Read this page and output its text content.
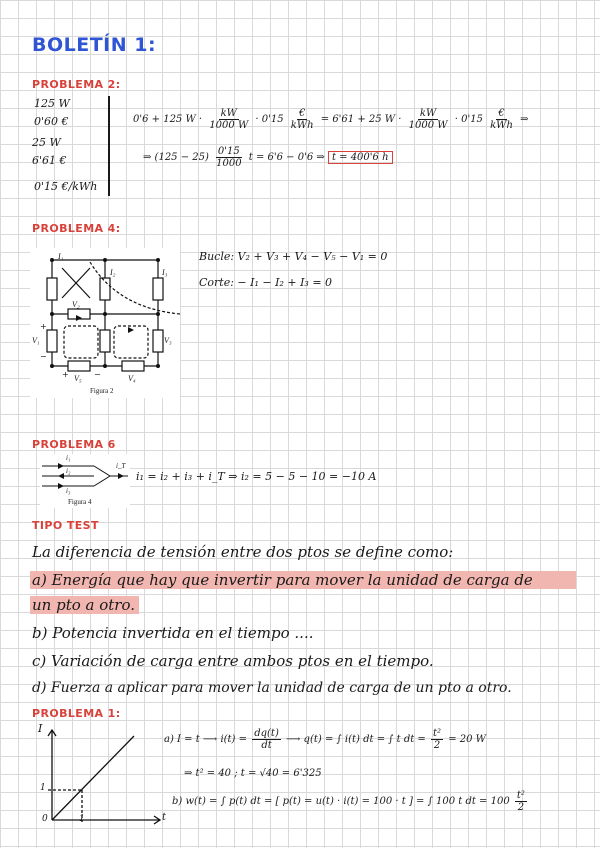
BOLETÍN 1:
PROBLEMA 2:
125 W
0'60 €
25 W
6'61 €
0'15 €/kWh
0'6 + 125 $W \cdot \frac{kW}{1000 W} \cdot 0'15 \frac{€}{\text{kWh}} = 6'61 + 25$ $W \cdot \frac{kW}{1000 W} \cdot 0'15 \frac{€}{\text{kWh}}$ ⇒
⇒ $(125 - 25) \frac{0'15}{1000}$ t = 6'6 − 0'6 ⇒ t = 400'6 h
PROBLEMA 4:
I₁
I₂	I₃
V₂
V₁	V₃
V₅	V₄
+
−
+	−
Figura 2
Bucle: V₂ + V₃ + V₄ − V₅ − V₁ = 0
Corte: − I₁ − I₂ + I₃ = 0
PROBLEMA 6
i₁
i₂
i₃
i_T
Figura 4
i₁ = i₂ + i₃ + i_T ⇒ i₂ = 5 − 5 − 10 = −10 A
TIPO TEST
La diferencia de tensión entre dos ptos se define como:
a) Energía que hay que invertir para mover la unidad de carga de
un pto a otro.
b) Potencia invertida en el tiempo ....
c) Variación de carga entre ambos ptos en el tiempo.
d) Fuerza a aplicar para mover la unidad de carga de un pto a otro.
PROBLEMA 1:
I
t
1
1
0
a) I = t ⟶ $i(t) = \frac{dq(t)}{dt}$ ⟶ q(t) = ∫ i(t) dt = ∫ t dt = $\frac{\text{t²}}{2} = 20$ W
⇒ t² = 40 ; t = √40 = 6'325
b) w(t) = ∫ p(t) dt = [ p(t) = u(t) · i(t) = 100 · t ] = ∫ 100 t dt = $100 \frac{\text{t²}}{2}$
